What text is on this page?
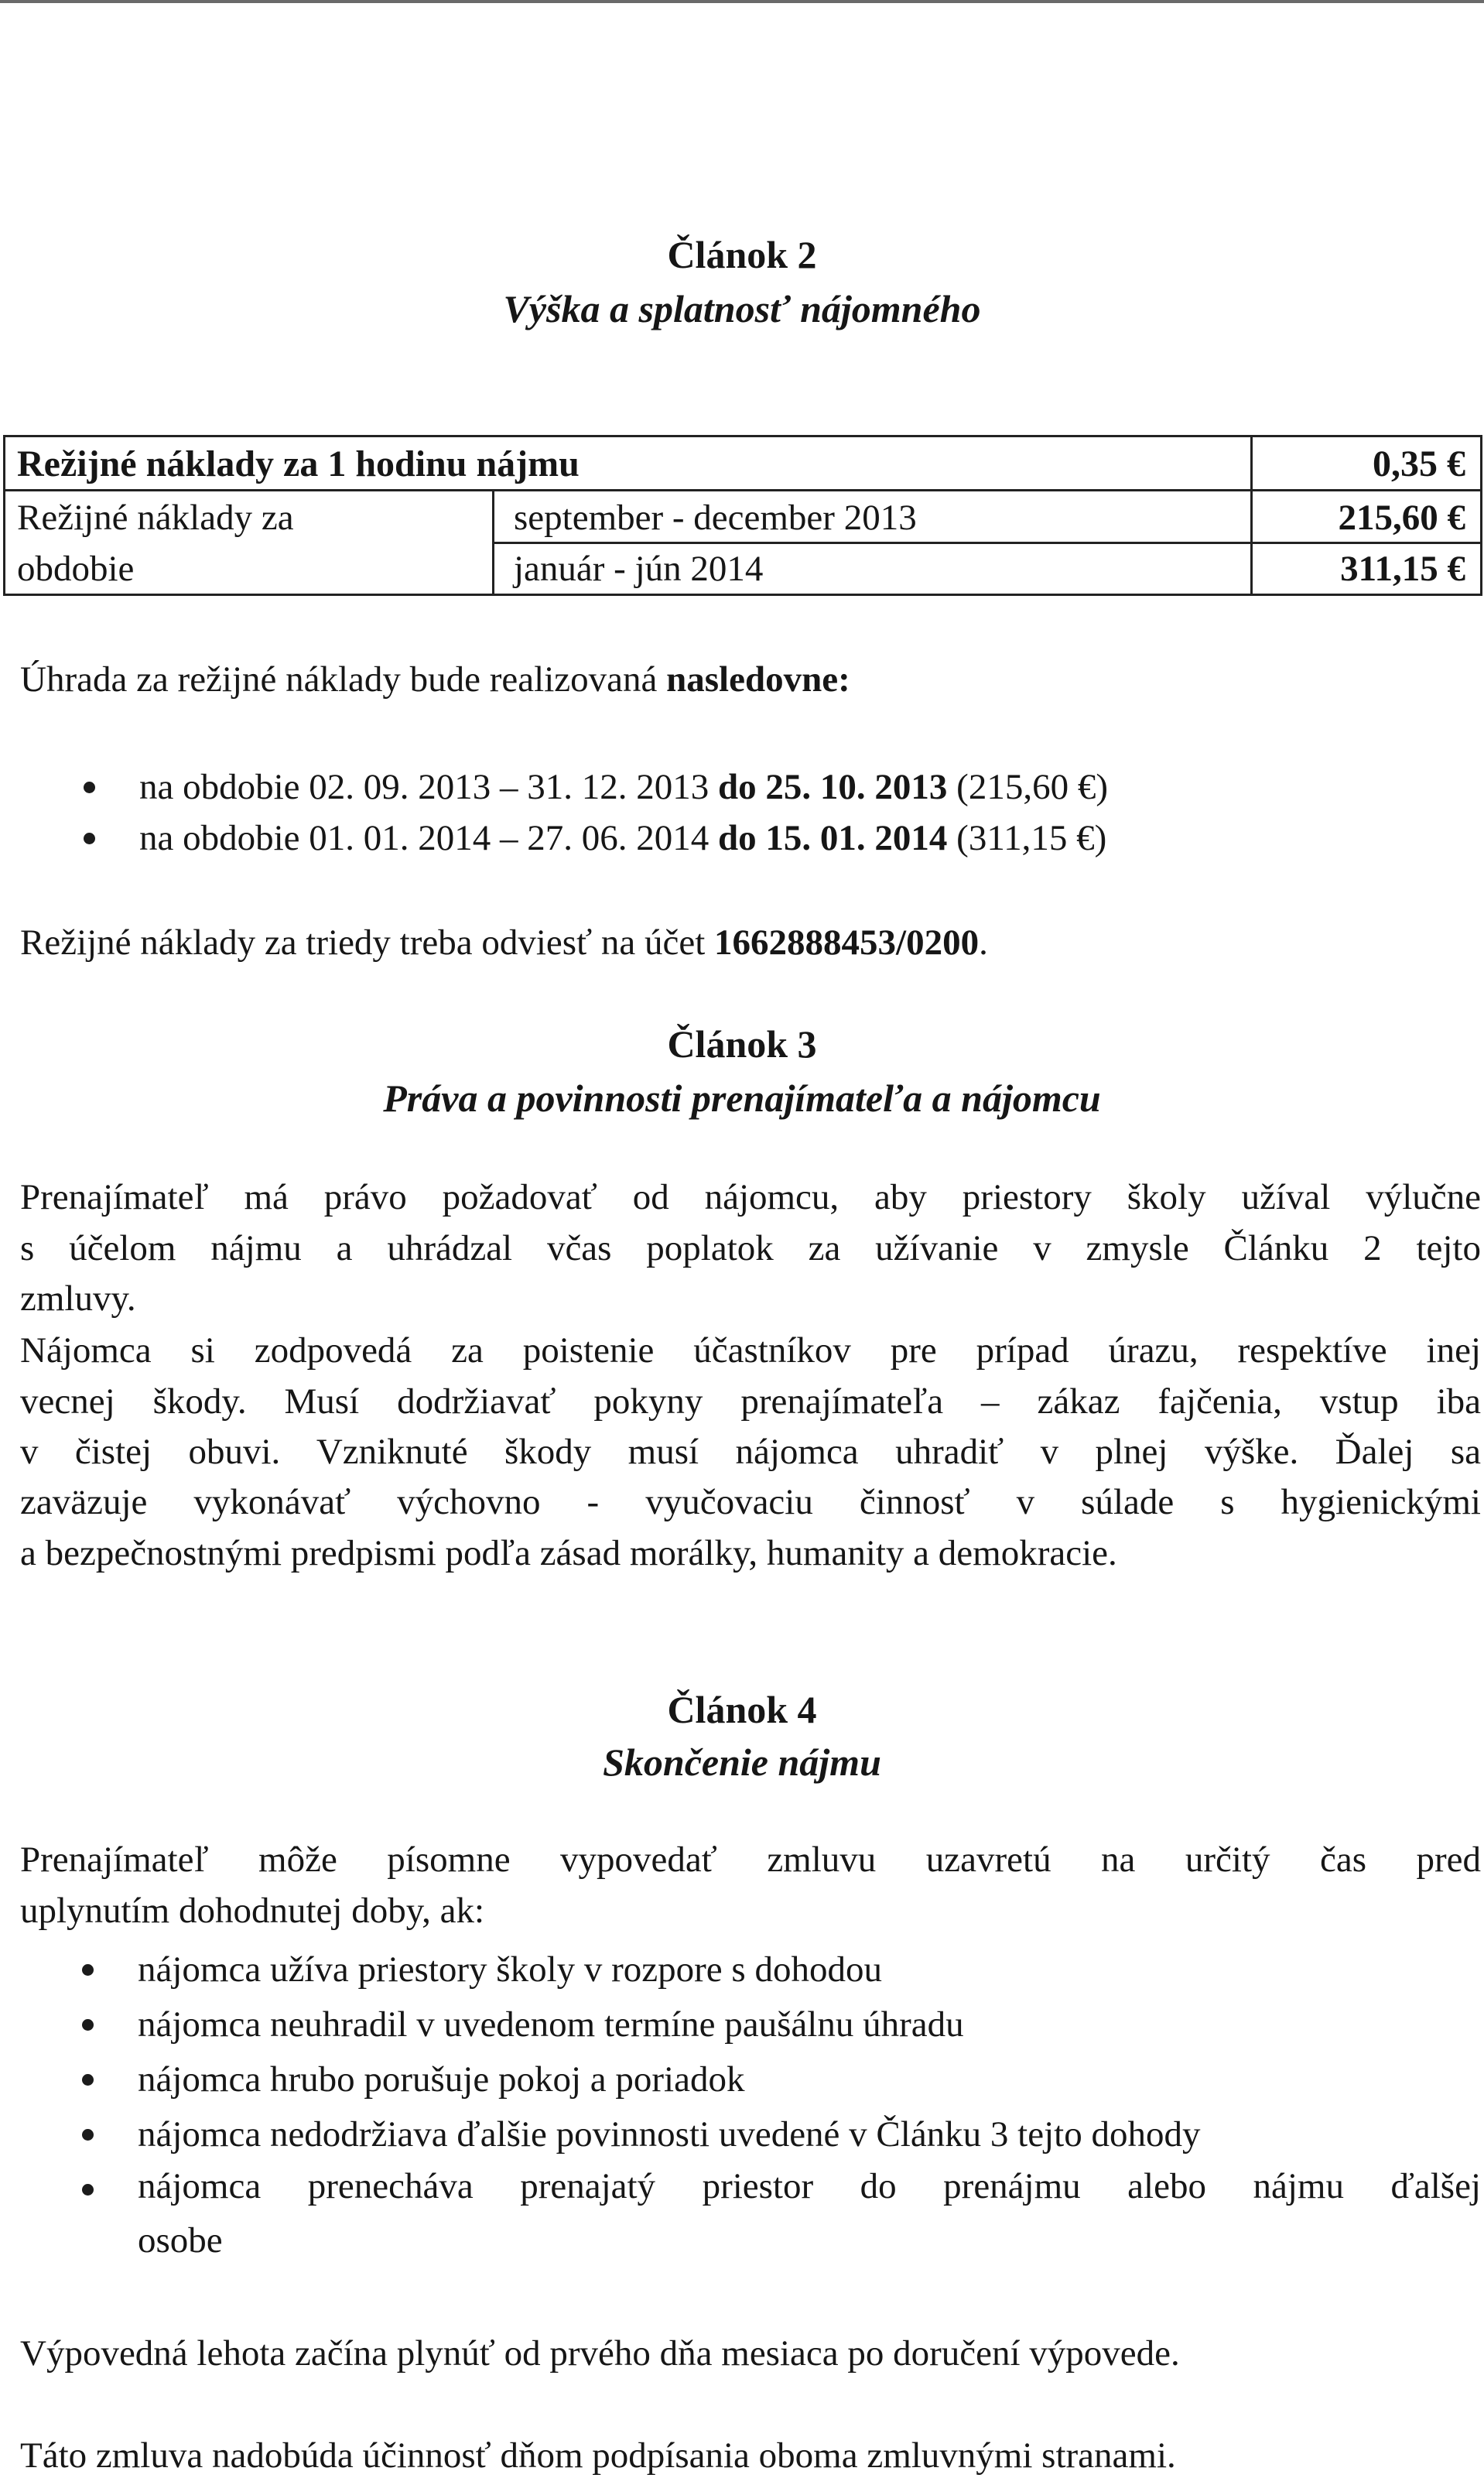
Článok 2
Výška a splatnosť nájomného
Režijné náklady za 1 hodinu nájmu	0,35 €
Režijné náklady za
obdobie
september - december 2013	215,60 €
január - jún 2014	311,15 €
Úhrada za režijné náklady bude realizovaná nasledovne:
na obdobie 02. 09. 2013 – 31. 12. 2013 do 25. 10. 2013 (215,60 €)
na obdobie 01. 01. 2014 – 27. 06. 2014 do 15. 01. 2014 (311,15 €)
Režijné náklady za triedy treba odviesť na účet 1662888453/0200.
Článok 3
Práva a povinnosti prenajímateľa a nájomcu
Prenajímateľ má právo požadovať od nájomcu, aby priestory školy užíval výlučne
s účelom nájmu a uhrádzal včas poplatok za užívanie v zmysle Článku 2 tejto
zmluvy.
Nájomca si zodpovedá za poistenie účastníkov pre prípad úrazu, respektíve inej
vecnej škody. Musí dodržiavať pokyny prenajímateľa – zákaz fajčenia, vstup iba
v čistej obuvi. Vzniknuté škody musí nájomca uhradiť v plnej výške. Ďalej sa
zaväzuje vykonávať výchovno - vyučovaciu činnosť v súlade s hygienickými
a bezpečnostnými predpismi podľa zásad morálky, humanity a demokracie.
Článok 4
Skončenie nájmu
Prenajímateľ môže písomne vypovedať zmluvu uzavretú na určitý čas pred
uplynutím dohodnutej doby, ak:
nájomca užíva priestory školy v rozpore s dohodou
nájomca neuhradil v uvedenom termíne paušálnu úhradu
nájomca hrubo porušuje pokoj a poriadok
nájomca nedodržiava ďalšie povinnosti uvedené v Článku 3 tejto dohody
nájomca prenecháva prenajatý priestor do prenájmu alebo nájmu ďalšej
osobe
Výpovedná lehota začína plynúť od prvého dňa mesiaca po doručení výpovede.
Táto zmluva nadobúda účinnosť dňom podpísania oboma zmluvnými stranami.
